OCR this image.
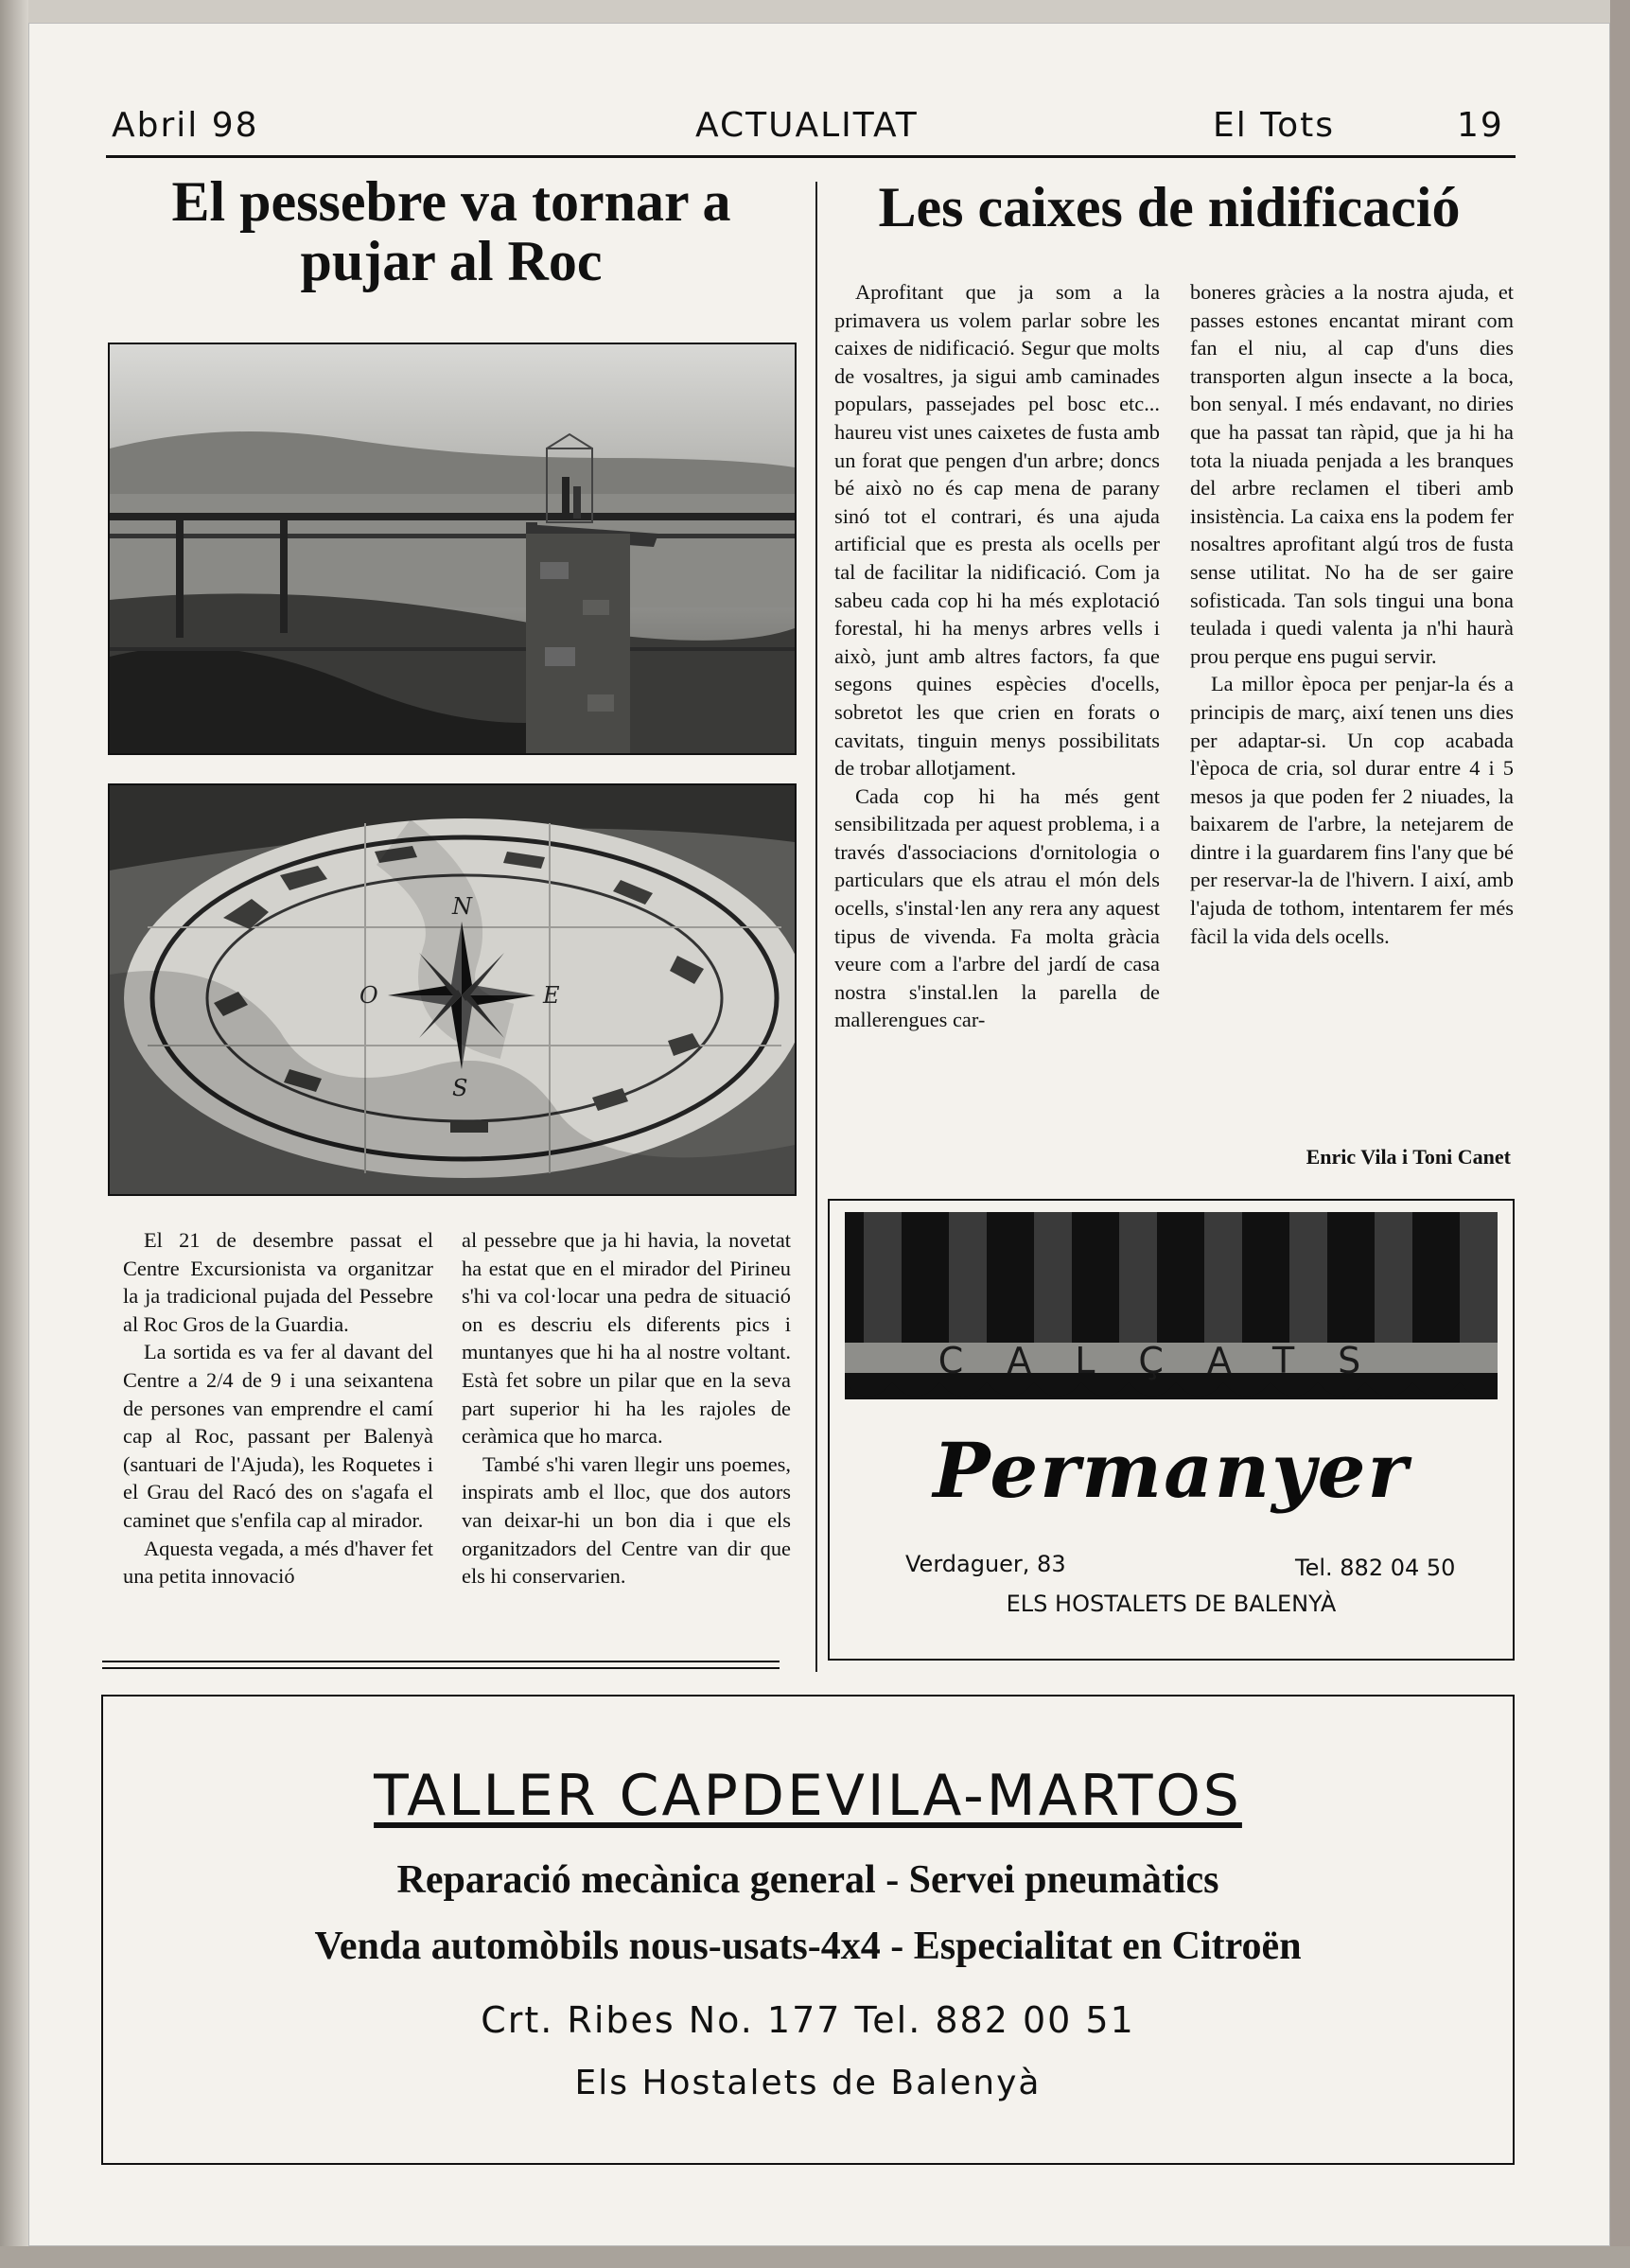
Abril 98	ACTUALITAT	El Tots	19
El pessebre va tornar a
pujar al Roc
Les caixes de nidificació
N
S
E
O

El 21 de desembre passat el Centre Excursionista va organitzar la ja tradicional pujada del Pessebre al Roc Gros de la Guardia.

La sortida es va fer al davant del Centre a 2/4 de 9 i una seixantena de persones van emprendre el camí cap al Roc, passant per Balenyà (santuari de l'Ajuda), les Roquetes i el Grau del Racó des on s'agafa el caminet que s'enfila cap al mirador.

Aquesta vegada, a més d'haver fet una petita innovació

al pessebre que ja hi havia, la novetat ha estat que en el mirador del Pirineu s'hi va col·locar una pedra de situació on es descriu els diferents pics i muntanyes que hi ha al nostre voltant. Està fet sobre un pilar que en la seva part superior hi ha les rajoles de ceràmica que ho marca.

També s'hi varen llegir uns poemes, inspirats amb el lloc, que dos autors van deixar-hi un bon dia i que els organitzadors del Centre van dir que els hi conservarien.

Aprofitant que ja som a la primavera us volem parlar sobre les caixes de nidificació. Segur que molts de vosaltres, ja sigui amb caminades populars, passejades pel bosc etc... haureu vist unes caixetes de fusta amb un forat que pengen d'un arbre; doncs bé això no és cap mena de parany sinó tot el contrari, és una ajuda artificial que es presta als ocells per tal de facilitar la nidificació. Com ja sabeu cada cop hi ha més explotació forestal, hi ha menys arbres vells i això, junt amb altres factors, fa que segons quines espècies d'ocells, sobretot les que crien en forats o cavitats, tinguin menys possibilitats de trobar allotjament.

Cada cop hi ha més gent sensibilitzada per aquest problema, i a través d'associacions d'ornitologia o particulars que els atrau el món dels ocells, s'instal·len any rera any aquest tipus de vivenda. Fa molta gràcia veure com a l'arbre del jardí de casa nostra s'instal.len la parella de mallerengues car-

boneres gràcies a la nostra ajuda, et passes estones encantat mirant com fan el niu, al cap d'uns dies transporten algun insecte a la boca, bon senyal. I més endavant, no diries que ha passat tan ràpid, que ja hi ha tota la niuada penjada a les branques del arbre reclamen el tiberi amb insistència. La caixa ens la podem fer nosaltres aprofitant algú tros de fusta sense utilitat. No ha de ser gaire sofisticada. Tan sols tingui una bona teulada i quedi valenta ja n'hi haurà prou perque ens pugui servir.

La millor època per penjar-la és a principis de març, així tenen uns dies per adaptar-si. Un cop acabada l'època de cria, sol durar entre 4 i 5 mesos ja que poden fer 2 niuades, la baixarem de l'arbre, la netejarem de dintre i la guardarem fins l'any que bé per reservar-la de l'hivern. I així, amb l'ajuda de tothom, intentarem fer més fàcil la vida dels ocells.

Enric Vila i Toni Canet
CALÇATS
Permanyer
Verdaguer, 83	Tel. 882 04 50
ELS HOSTALETS DE BALENYÀ
TALLER CAPDEVILA-MARTOS
Reparació mecànica general - Servei pneumàtics
Venda automòbils nous-usats-4x4 - Especialitat en Citroën
Crt. Ribes No. 177 Tel. 882 00 51
Els Hostalets de Balenyà
